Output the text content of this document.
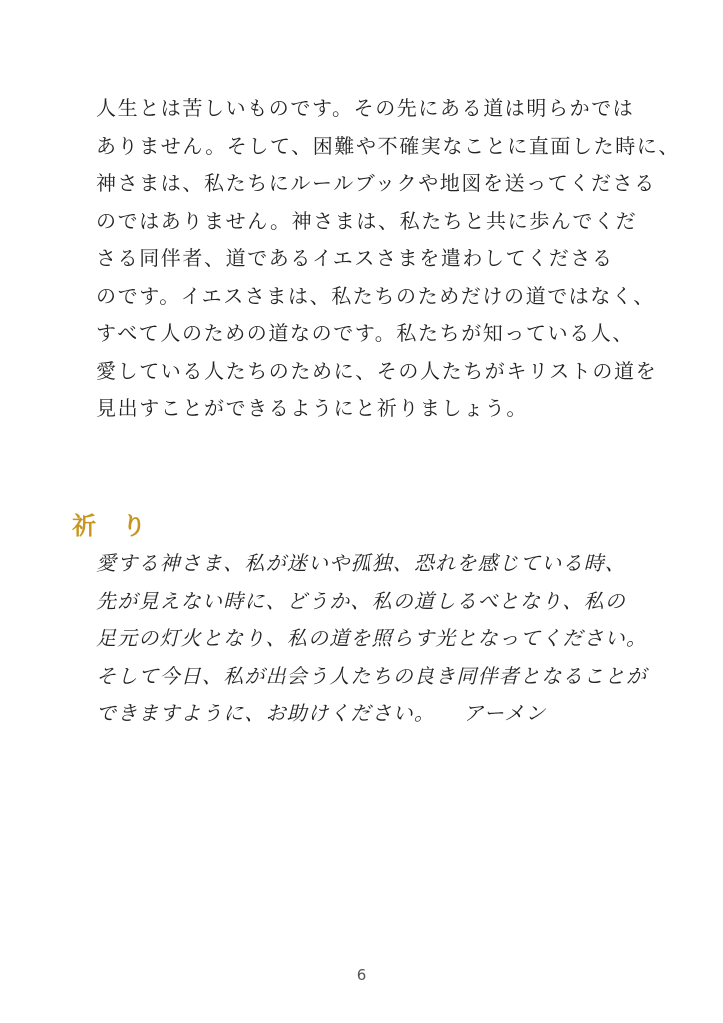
人生とは苦しいものです。その先にある道は明らかでは
ありません。そして、困難や不確実なことに直面した時に、
神さまは、私たちにルールブックや地図を送ってくださる
のではありません。神さまは、私たちと共に歩んでくだ
さる同伴者、道であるイエスさまを遣わしてくださる
のです。イエスさまは、私たちのためだけの道ではなく、
すべて人のための道なのです。私たちが知っている人、
愛している人たちのために、その人たちがキリストの道を
見出すことができるようにと祈りましょう。
祈り
愛する神さま、私が迷いや孤独、恐れを感じている時、
先が見えない時に、どうか、私の道しるべとなり、私の
足元の灯火となり、私の道を照らす光となってください。
そして今日、私が出会う人たちの良き同伴者となることが
できますように、お助けください。 アーメン
6
